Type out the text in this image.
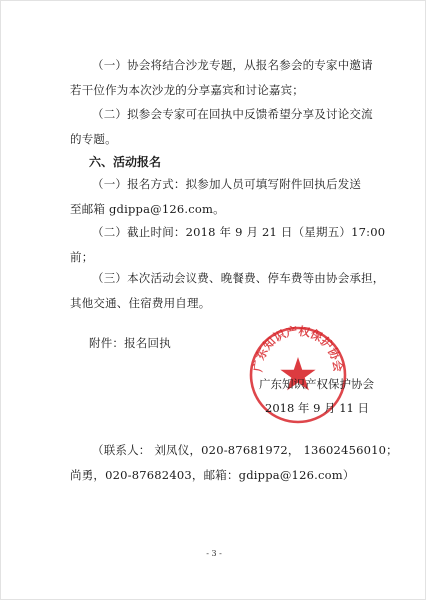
（一）协会将结合沙龙专题，从报名参会的专家中邀请
若干位作为本次沙龙的分享嘉宾和讨论嘉宾；
（二）拟参会专家可在回执中反馈希望分享及讨论交流
的专题。
六、活动报名
（一）报名方式：拟参加人员可填写附件回执后发送
至邮箱 gdippa@126.com。
（二）截止时间：2018 年 9 月 21 日（星期五）17:00
前；
（三）本次活动会议费、晚餐费、停车费等由协会承担，
其他交通、住宿费用自理。
附件：报名回执
广东知识产权保护协会
广东知识产权保护协会
2018 年 9 月 11 日
（联系人： 刘凤仪，020-87681972， 13602456010；
尚勇，020-87682403，邮箱：gdippa@126.com）
- 3 -
